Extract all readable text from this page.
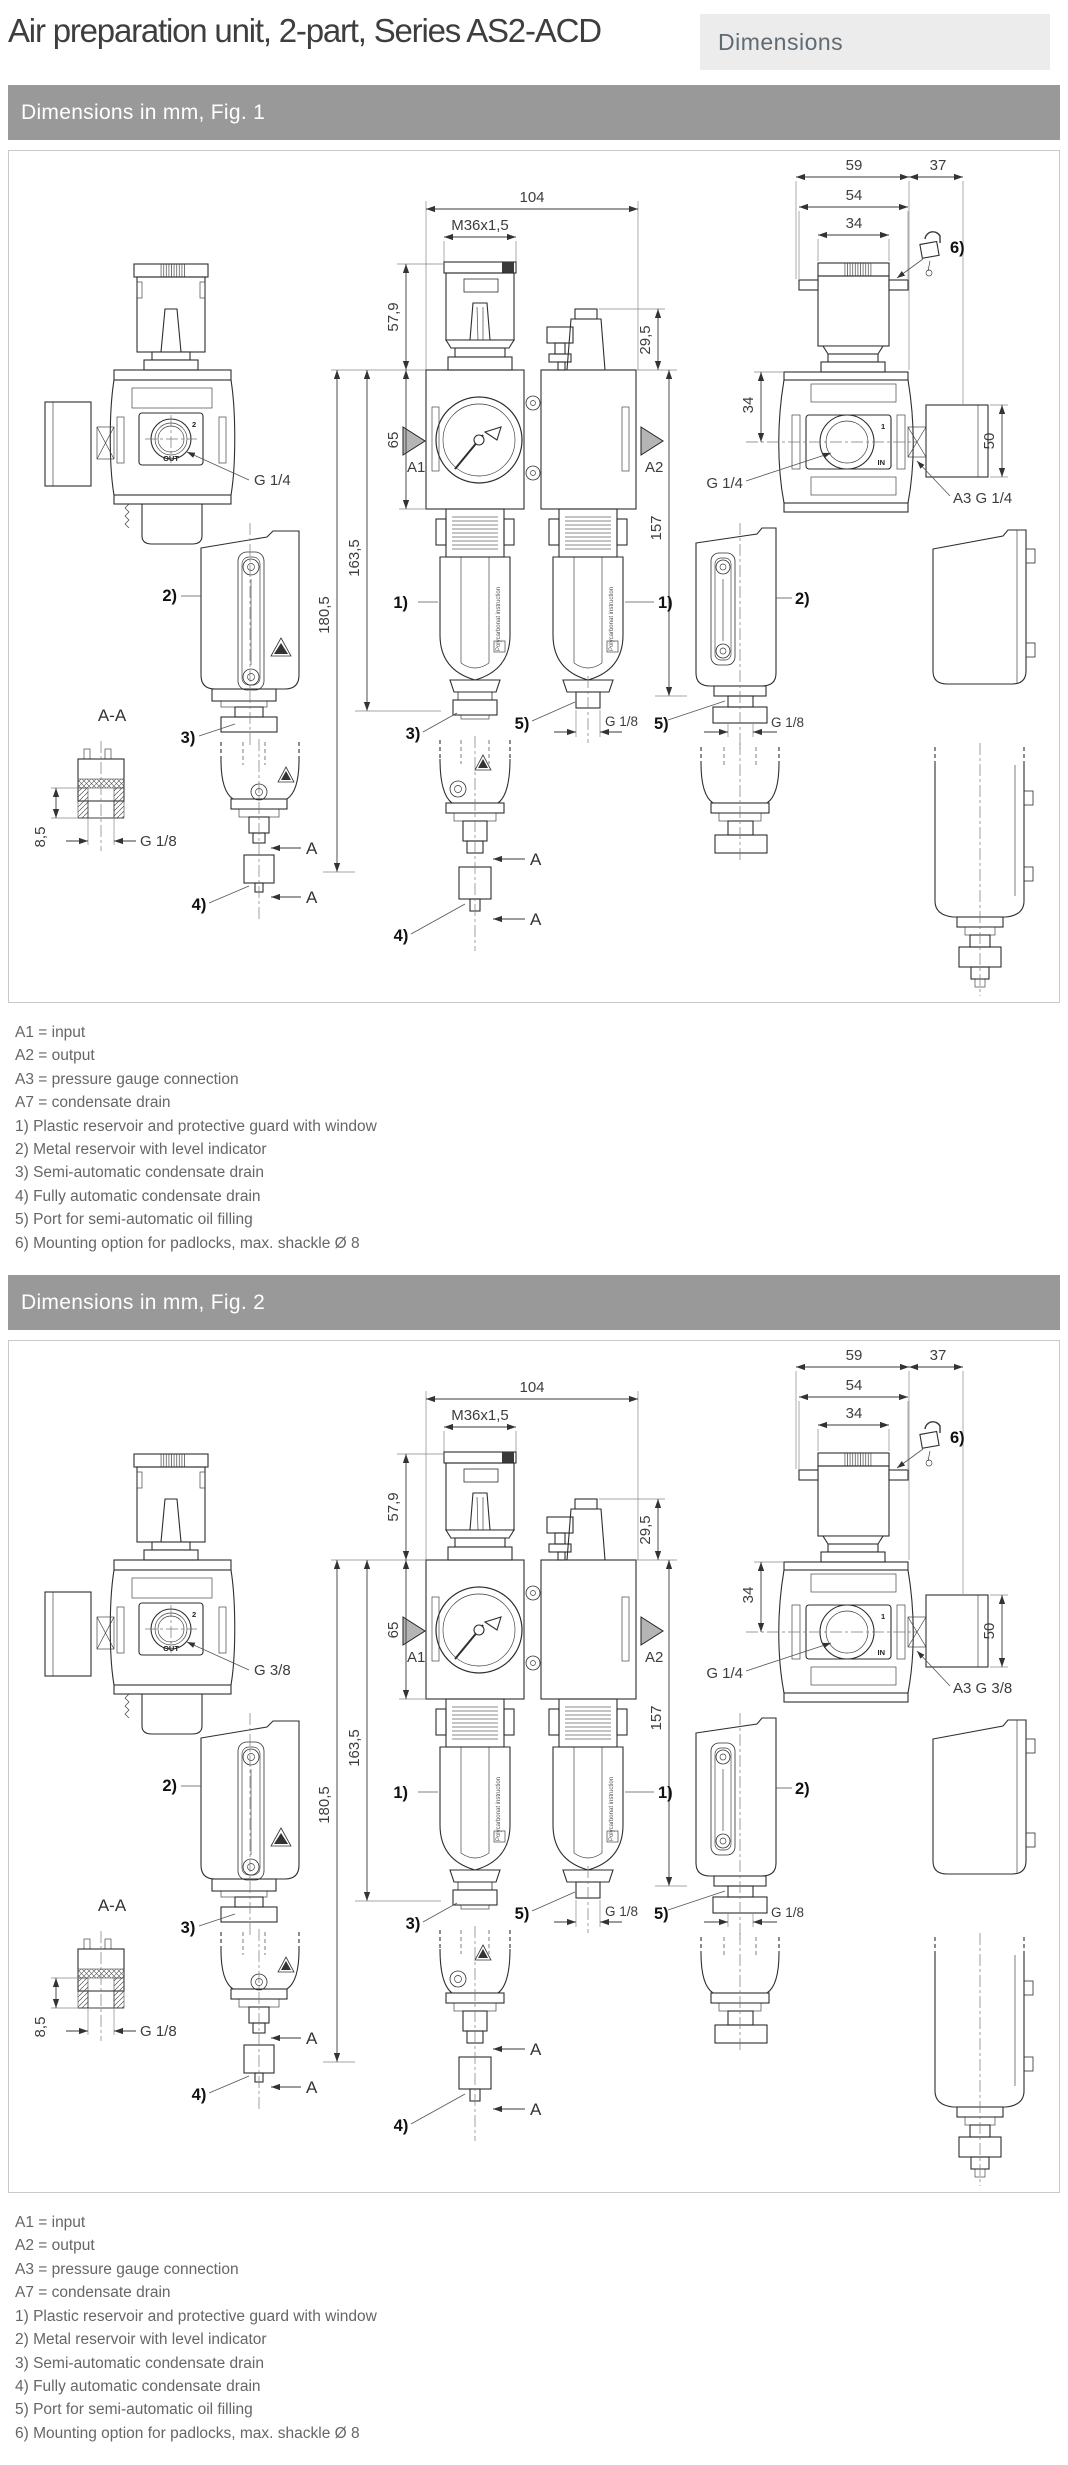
Air preparation unit, 2-part, Series AS2-ACD	Dimensions
Dimensions in mm, Fig. 1
2
OUT
G 1/4
2)
3)
A-A
8,5	G 1/8	A
A
4)
104
M36x1,5
57,9
29,5
A1	A2
65
163,5
180,5
157
Polycarbonat instruction
3)
1)	Polycarbonat instruction
5)	G 1/8 5)
1)
A
A
4)
59	37
54
34
6)
1
IN
34
G 1/4
50
A3 G 1/4
2)
G 1/8
A1 = input
A2 = output
A3 = pressure gauge connection
A7 = condensate drain
1) Plastic reservoir and protective guard with window
2) Metal reservoir with level indicator
3) Semi-automatic condensate drain
4) Fully automatic condensate drain
5) Port for semi-automatic oil filling
6) Mounting option for padlocks, max. shackle Ø 8
Dimensions in mm, Fig. 2
2
OUT
G 3/8
2)
3)
A-A
8,5	G 1/8	A
A
4)
104
M36x1,5
57,9
29,5
A1	A2
65
163,5
180,5
157
Polycarbonat instruction
3)
1)	Polycarbonat instruction
5)	G 1/8 5)
1)
A
A
4)
59	37
54
34
6)
1
IN
34
G 1/4
50
A3 G 3/8
2)
G 1/8
A1 = input
A2 = output
A3 = pressure gauge connection
A7 = condensate drain
1) Plastic reservoir and protective guard with window
2) Metal reservoir with level indicator
3) Semi-automatic condensate drain
4) Fully automatic condensate drain
5) Port for semi-automatic oil filling
6) Mounting option for padlocks, max. shackle Ø 8
